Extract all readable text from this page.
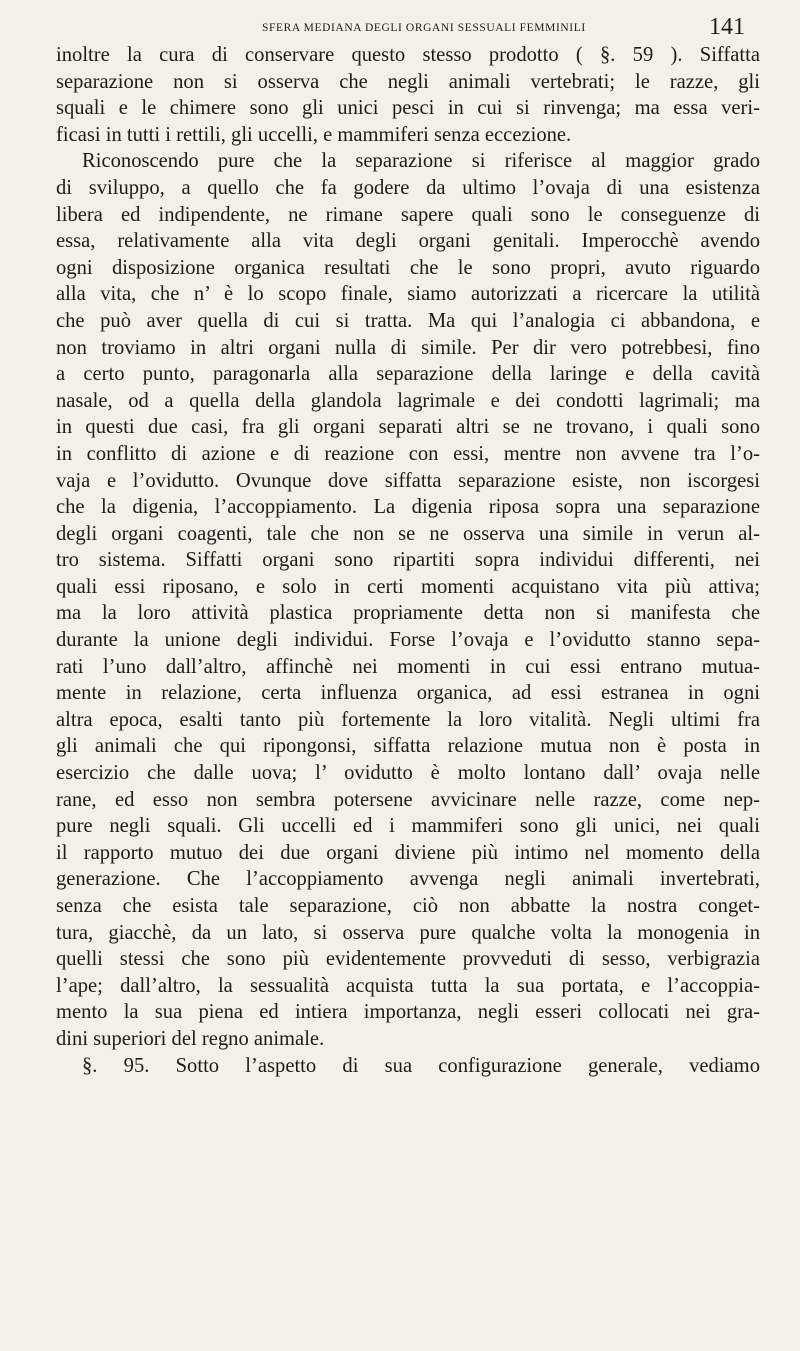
SFERA MEDIANA DEGLI ORGANI SESSUALI FEMMINILI	141
inoltre la cura di conservare questo stesso prodotto ( §. 59 ). Siffatta
separazione non si osserva che negli animali vertebrati; le razze, gli
squali e le chimere sono gli unici pesci in cui si rinvenga; ma essa veri-
ficasi in tutti i rettili, gli uccelli, e mammiferi senza eccezione.
Riconoscendo pure che la separazione si riferisce al maggior grado
di sviluppo, a quello che fa godere da ultimo l’ovaja di una esistenza
libera ed indipendente, ne rimane sapere quali sono le conseguenze di
essa, relativamente alla vita degli organi genitali. Imperocchè avendo
ogni disposizione organica resultati che le sono propri, avuto riguardo
alla vita, che n’ è lo scopo finale, siamo autorizzati a ricercare la utilità
che può aver quella di cui si tratta. Ma qui l’analogia ci abbandona, e
non troviamo in altri organi nulla di simile. Per dir vero potrebbesi, fino
a certo punto, paragonarla alla separazione della laringe e della cavità
nasale, od a quella della glandola lagrimale e dei condotti lagrimali; ma
in questi due casi, fra gli organi separati altri se ne trovano, i quali sono
in conflitto di azione e di reazione con essi, mentre non avvene tra l’o-
vaja e l’ovidutto. Ovunque dove siffatta separazione esiste, non iscorgesi
che la digenia, l’accoppiamento. La digenia riposa sopra una separazione
degli organi coagenti, tale che non se ne osserva una simile in verun al-
tro sistema. Siffatti organi sono ripartiti sopra individui differenti, nei
quali essi riposano, e solo in certi momenti acquistano vita più attiva;
ma la loro attività plastica propriamente detta non si manifesta che
durante la unione degli individui. Forse l’ovaja e l’ovidutto stanno sepa-
rati l’uno dall’altro, affinchè nei momenti in cui essi entrano mutua-
mente in relazione, certa influenza organica, ad essi estranea in ogni
altra epoca, esalti tanto più fortemente la loro vitalità. Negli ultimi fra
gli animali che qui ripongonsi, siffatta relazione mutua non è posta in
esercizio che dalle uova; l’ ovidutto è molto lontano dall’ ovaja nelle
rane, ed esso non sembra potersene avvicinare nelle razze, come nep-
pure negli squali. Gli uccelli ed i mammiferi sono gli unici, nei quali
il rapporto mutuo dei due organi diviene più intimo nel momento della
generazione. Che l’accoppiamento avvenga negli animali invertebrati,
senza che esista tale separazione, ciò non abbatte la nostra conget-
tura, giacchè, da un lato, si osserva pure qualche volta la monogenia in
quelli stessi che sono più evidentemente provveduti di sesso, verbigrazia
l’ape; dall’altro, la sessualità acquista tutta la sua portata, e l’accoppia-
mento la sua piena ed intiera importanza, negli esseri collocati nei gra-
dini superiori del regno animale.
§. 95. Sotto l’aspetto di sua configurazione generale, vediamo
